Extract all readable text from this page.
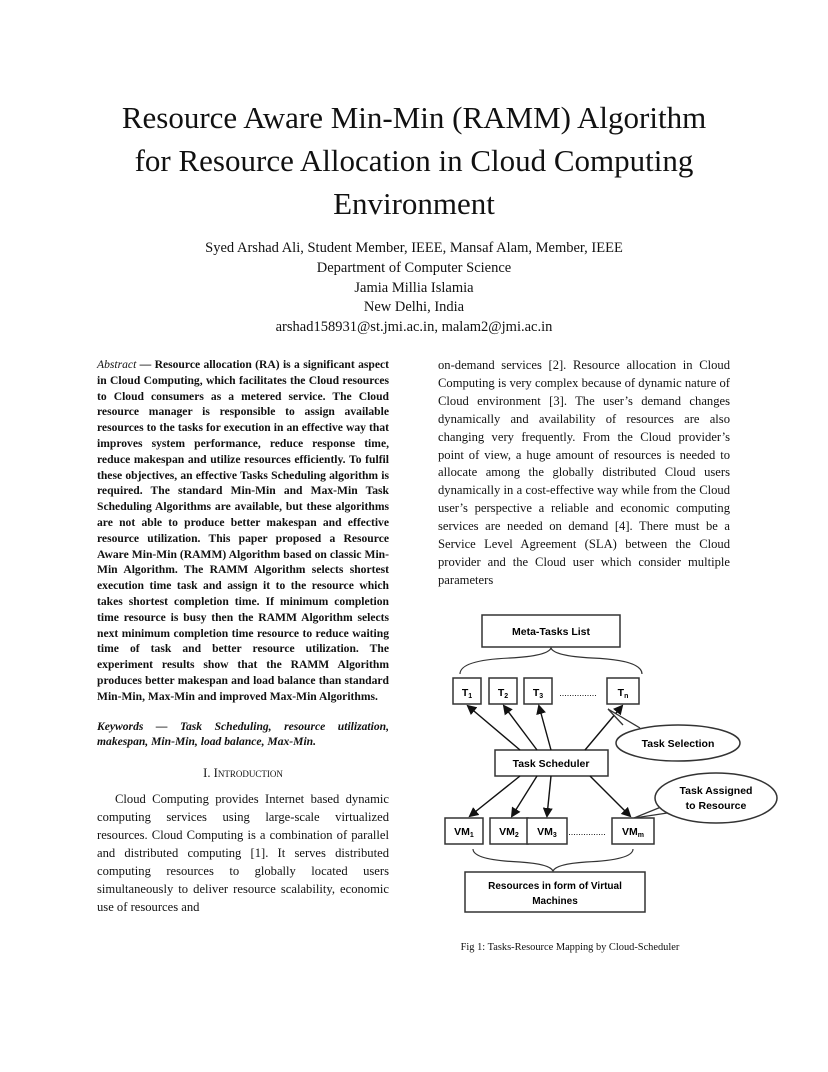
Resource Aware Min-Min (RAMM) Algorithm
for Resource Allocation in Cloud Computing
Environment
Syed Arshad Ali, Student Member, IEEE, Mansaf Alam, Member, IEEE
Department of Computer Science
Jamia Millia Islamia
New Delhi, India
arshad158931@st.jmi.ac.in, malam2@jmi.ac.in

Abstract — Resource allocation (RA) is a significant aspect in Cloud Computing, which facilitates the Cloud resources to Cloud consumers as a metered service. The Cloud resource manager is responsible to assign available resources to the tasks for execution in an effective way that improves system performance, reduce response time, reduce makespan and utilize resources efficiently. To fulfil these objectives, an effective Tasks Scheduling algorithm is required. The standard Min-Min and Max-Min Task Scheduling Algorithms are available, but these algorithms are not able to produce better makespan and effective resource utilization. This paper proposed a Resource Aware Min-Min (RAMM) Algorithm based on classic Min-Min Algorithm. The RAMM Algorithm selects shortest execution time task and assign it to the resource which takes shortest completion time. If minimum completion time resource is busy then the RAMM Algorithm selects next minimum completion time resource to reduce waiting time of task and better resource utilization. The experiment results show that the RAMM Algorithm produces better makespan and load balance than standard Min-Min, Max-Min and improved Max-Min Algorithms.

Keywords — Task Scheduling, resource utilization, makespan, Min-Min, load balance, Max-Min.

I. Introduction

Cloud Computing provides Internet based dynamic computing services using large-scale virtualized resources. Cloud Computing is a combination of parallel and distributed computing [1]. It serves distributed computing resources to globally located users simultaneously to deliver resource scalability, economic use of resources and

on-demand services [2]. Resource allocation in Cloud Computing is very complex because of dynamic nature of Cloud environment [3]. The user’s demand changes dynamically and availability of resources are also changing very frequently. From the Cloud provider’s point of view, a huge amount of resources is needed to allocate among the globally distributed Cloud users dynamically in a cost-effective way while from the Cloud user’s perspective a reliable and economic computing services are needed on demand [4]. There must be a Service Level Agreement (SLA) between the Cloud provider and the Cloud user which consider multiple parameters

Meta-Tasks List
T1 T2 T3 ............... Tn
Task Scheduler
Task Selection
Task Assigned
to Resource
VM1 VM2 VM3 ............... VMm
Resources in form of Virtual
Machines
Fig 1: Tasks-Resource Mapping by Cloud-Scheduler
